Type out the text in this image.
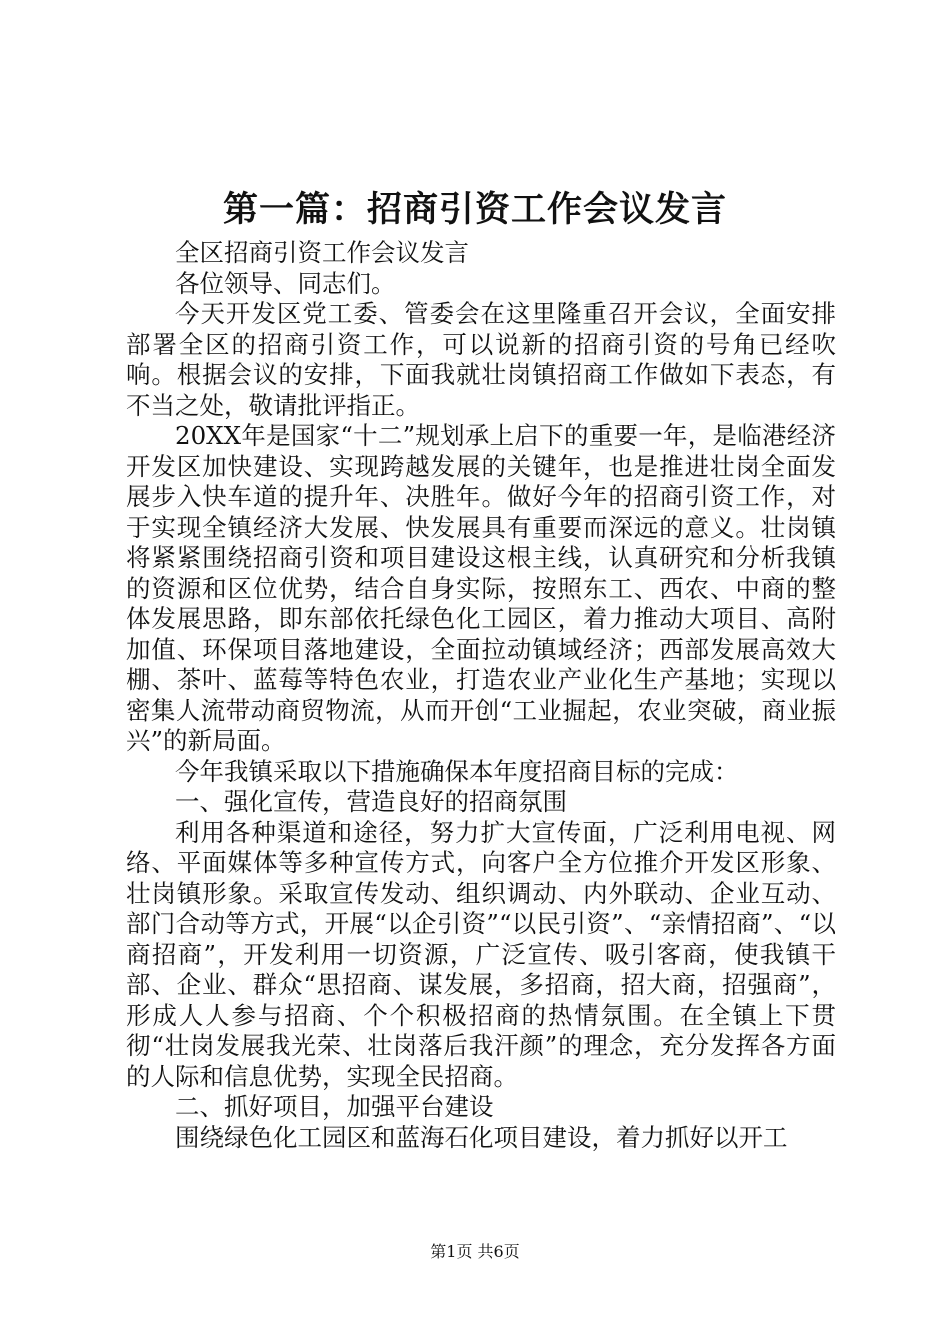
第一篇：招商引资工作会议发言

全区招商引资工作会议发言

各位领导、同志们。

今天开发区党工委、管委会在这里隆重召开会议，全面安排部署全区的招商引资工作，可以说新的招商引资的号角已经吹响。根据会议的安排，下面我就壮岗镇招商工作做如下表态，有不当之处，敬请批评指正。

20XX年是国家“十二”规划承上启下的重要一年，是临港经济开发区加快建设、实现跨越发展的关键年，也是推进壮岗全面发展步入快车道的提升年、决胜年。做好今年的招商引资工作，对于实现全镇经济大发展、快发展具有重要而深远的意义。壮岗镇将紧紧围绕招商引资和项目建设这根主线，认真研究和分析我镇的资源和区位优势，结合自身实际，按照东工、西农、中商的整体发展思路，即东部依托绿色化工园区，着力推动大项目、高附加值、环保项目落地建设，全面拉动镇域经济；西部发展高效大棚、茶叶、蓝莓等特色农业，打造农业产业化生产基地；实现以密集人流带动商贸物流，从而开创“工业掘起，农业突破，商业振兴”的新局面。

今年我镇采取以下措施确保本年度招商目标的完成：

一、强化宣传，营造良好的招商氛围

利用各种渠道和途径，努力扩大宣传面，广泛利用电视、网络、平面媒体等多种宣传方式，向客户全方位推介开发区形象、壮岗镇形象。采取宣传发动、组织调动、内外联动、企业互动、部门合动等方式，开展“以企引资”“以民引资”、“亲情招商”、“以商招商”，开发利用一切资源，广泛宣传、吸引客商，使我镇干部、企业、群众“思招商、谋发展，多招商，招大商，招强商”，形成人人参与招商、个个积极招商的热情氛围。在全镇上下贯彻“壮岗发展我光荣、壮岗落后我汗颜”的理念，充分发挥各方面的人际和信息优势，实现全民招商。

二、抓好项目，加强平台建设

围绕绿色化工园区和蓝海石化项目建设，着力抓好以开工

第1页 共6页
